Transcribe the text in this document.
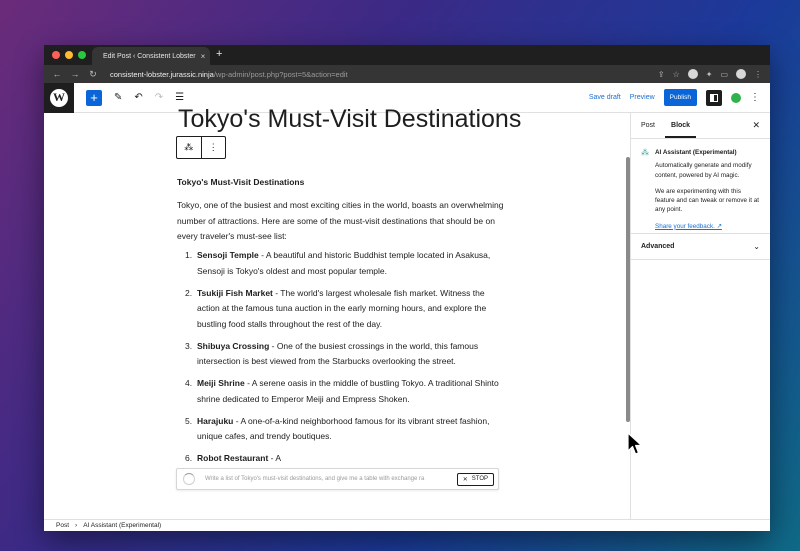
Edit Post ‹ Consistent Lobster × +
← → ↻ consistent-lobster.jurassic.ninja/wp-admin/post.php?post=5&action=edit	⇪ ☆	✦ ▭	⋮
W	+	✎ ↶ ↷ ☰	Save draft Preview	Publish	⋮
Tokyo's Must-Visit Destinations
⁂	⋮
Tokyo's Must-Visit Destinations
Tokyo, one of the busiest and most exciting cities in the world, boasts an overwhelming number of attractions. Here are some of the must-visit destinations that should be on every traveler's must-see list:
1. Sensoji Temple - A beautiful and historic Buddhist temple located in Asakusa, Sensoji is Tokyo's oldest and most popular temple.
2. Tsukiji Fish Market - The world's largest wholesale fish market. Witness the action at the famous tuna auction in the early morning hours, and explore the bustling food stalls throughout the rest of the day.
3. Shibuya Crossing - One of the busiest crossings in the world, this famous intersection is best viewed from the Starbucks overlooking the street.
4. Meiji Shrine - A serene oasis in the middle of bustling Tokyo. A traditional Shinto shrine dedicated to Emperor Meiji and Empress Shoken.
5. Harajuku - A one-of-a-kind neighborhood famous for its vibrant street fashion, unique cafes, and trendy boutiques.
6. Robot Restaurant - A
Write a list of Tokyo's must-visit destinations, and give me a table with exchange ra	✕ STOP
Post Block	✕
⁂ AI Assistant (Experimental)
Automatically generate and modify content, powered by AI magic.
We are experimenting with this feature and can tweak or remove it at any point.
Share your feedback. ↗
Advanced	⌄
Post › AI Assistant (Experimental)
